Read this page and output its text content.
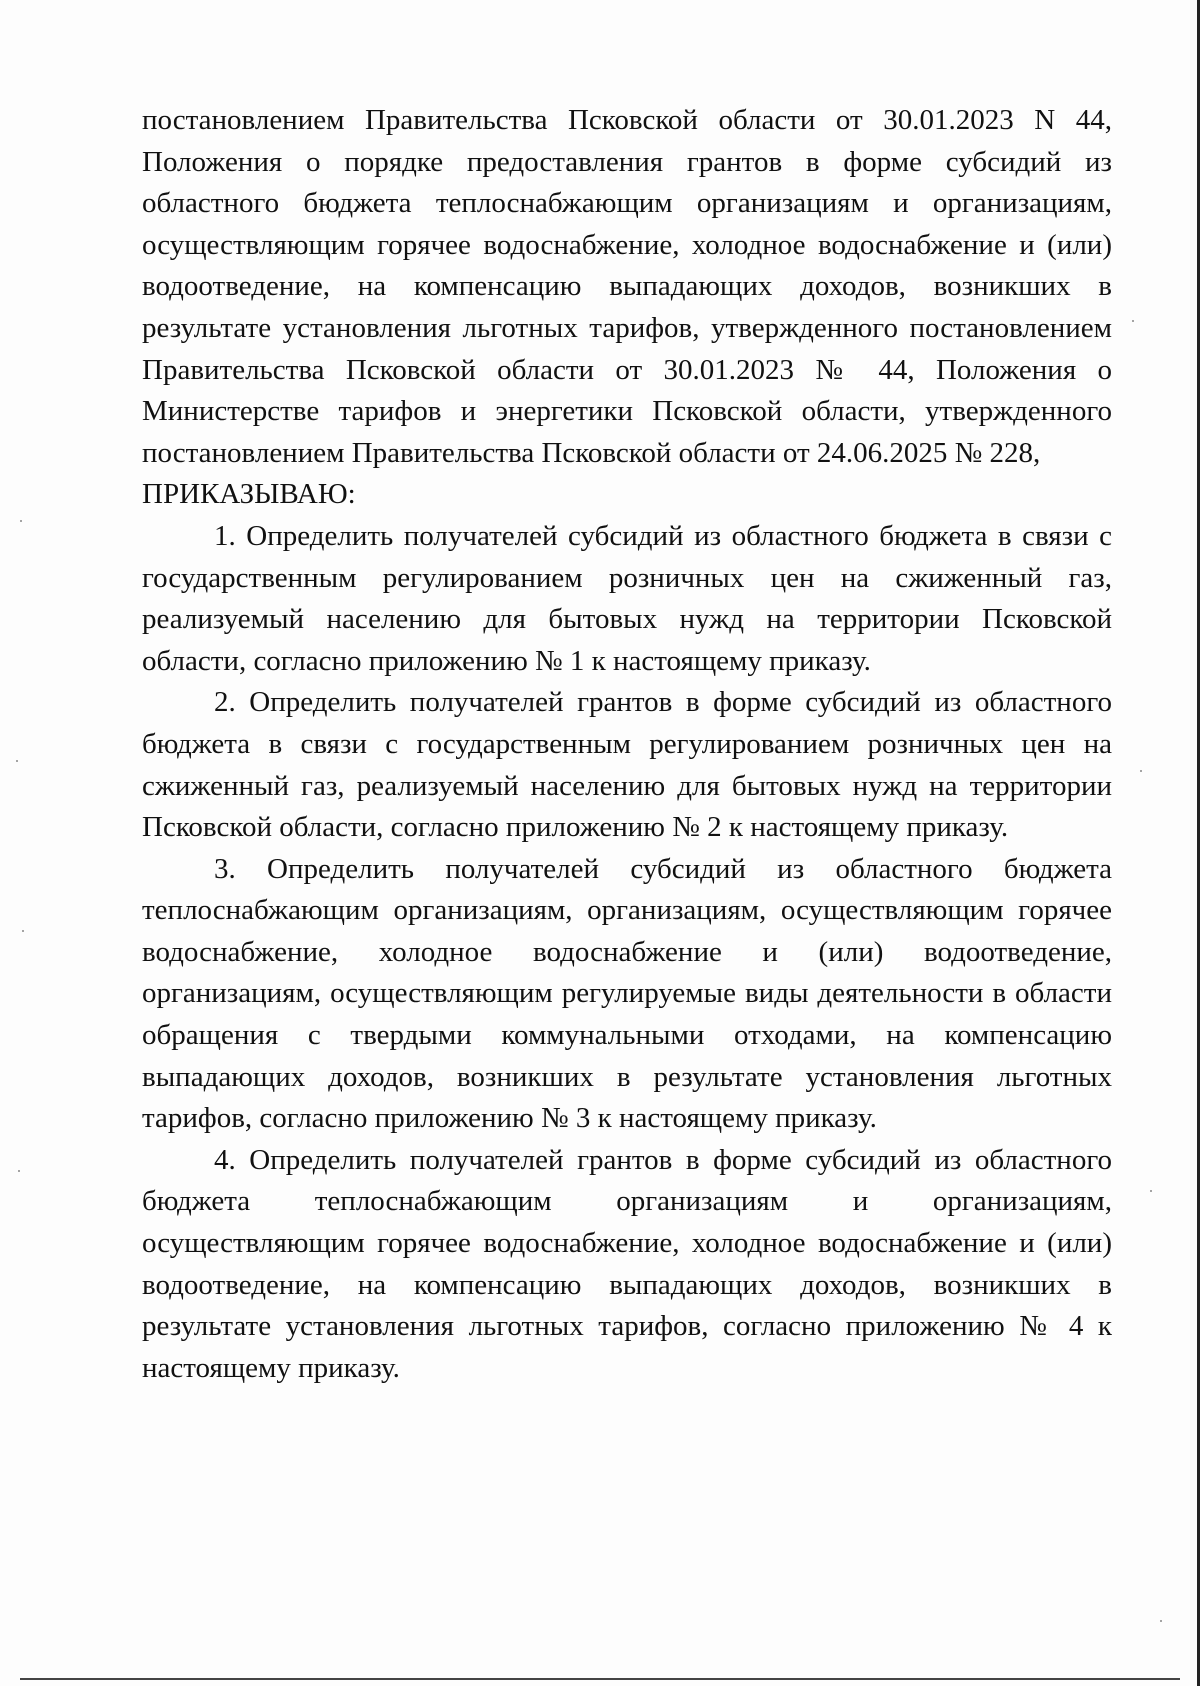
постановлением Правительства Псковской области от 30.01.2023 N 44, Положения о порядке предоставления грантов в форме субсидий из областного бюджета теплоснабжающим организациям и организациям, осуществляющим горячее водоснабжение, холодное водоснабжение и (или) водоотведение, на компенсацию выпадающих доходов, возникших в результате установления льготных тарифов, утвержденного постановлением Правительства Псковской области от 30.01.2023 № 44, Положения о Министерстве тарифов и энергетики Псковской области, утвержденного постановлением Правительства Псковской области от 24.06.2025 № 228,

ПРИКАЗЫВАЮ:

1. Определить получателей субсидий из областного бюджета в связи с государственным регулированием розничных цен на сжиженный газ, реализуемый населению для бытовых нужд на территории Псковской области, согласно приложению № 1 к настоящему приказу.

2. Определить получателей грантов в форме субсидий из областного бюджета в связи с государственным регулированием розничных цен на сжиженный газ, реализуемый населению для бытовых нужд на территории Псковской области, согласно приложению № 2 к настоящему приказу.

3. Определить получателей субсидий из областного бюджета теплоснабжающим организациям, организациям, осуществляющим горячее водоснабжение, холодное водоснабжение и (или) водоотведение, организациям, осуществляющим регулируемые виды деятельности в области обращения с твердыми коммунальными отходами, на компенсацию выпадающих доходов, возникших в результате установления льготных тарифов, согласно приложению № 3 к настоящему приказу.

4. Определить получателей грантов в форме субсидий из областного бюджета теплоснабжающим организациям и организациям, осуществляющим горячее водоснабжение, холодное водоснабжение и (или) водоотведение, на компенсацию выпадающих доходов, возникших в результате установления льготных тарифов, согласно приложению № 4 к настоящему приказу.
